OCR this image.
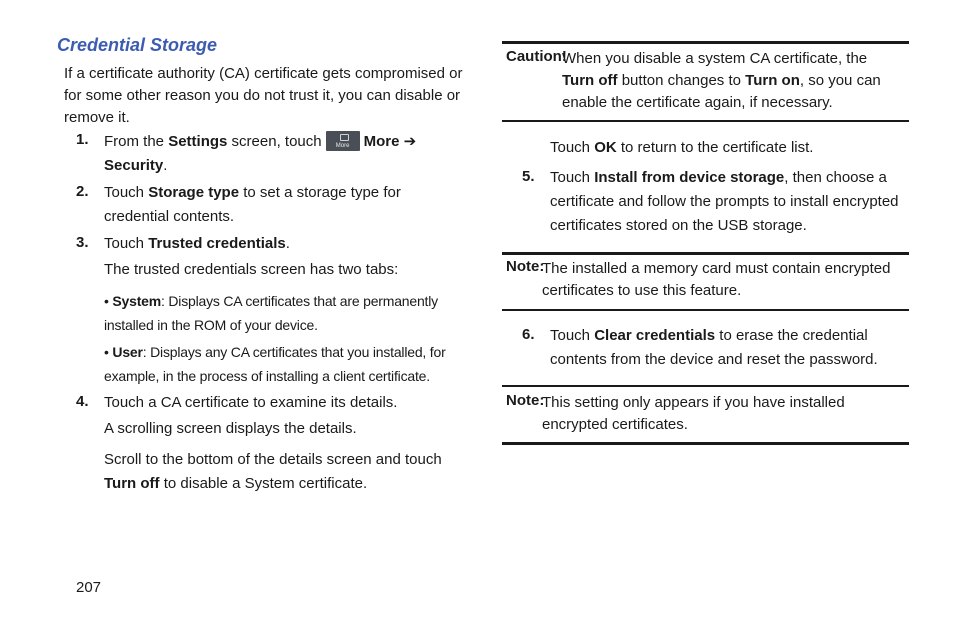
Credential Storage

If a certificate authority (CA) certificate gets compromised or for some other reason you do not trust it, you can disable or remove it.

1. From the Settings screen, touch	More More ➔
Security.

2. Touch Storage type to set a storage type for credential contents.

3. Touch Trusted credentials.

The trusted credentials screen has two tabs:

• System: Displays CA certificates that are permanently installed in the ROM of your device.

• User: Displays any CA certificates that you installed, for example, in the process of installing a client certificate.

4. Touch a CA certificate to examine its details.

A scrolling screen displays the details.

Scroll to the bottom of the details screen and touch Turn off to disable a System certificate.

207
Caution!

When you disable a system CA certificate, the
Turn off button changes to Turn on, so you can enable the certificate again, if necessary.

Touch OK to return to the certificate list.

5. Touch Install from device storage, then choose a certificate and follow the prompts to install encrypted certificates stored on the USB storage.

Note:

The installed a memory card must contain encrypted certificates to use this feature.

6. Touch Clear credentials to erase the credential contents from the device and reset the password.

Note:

This setting only appears if you have installed encrypted certificates.
